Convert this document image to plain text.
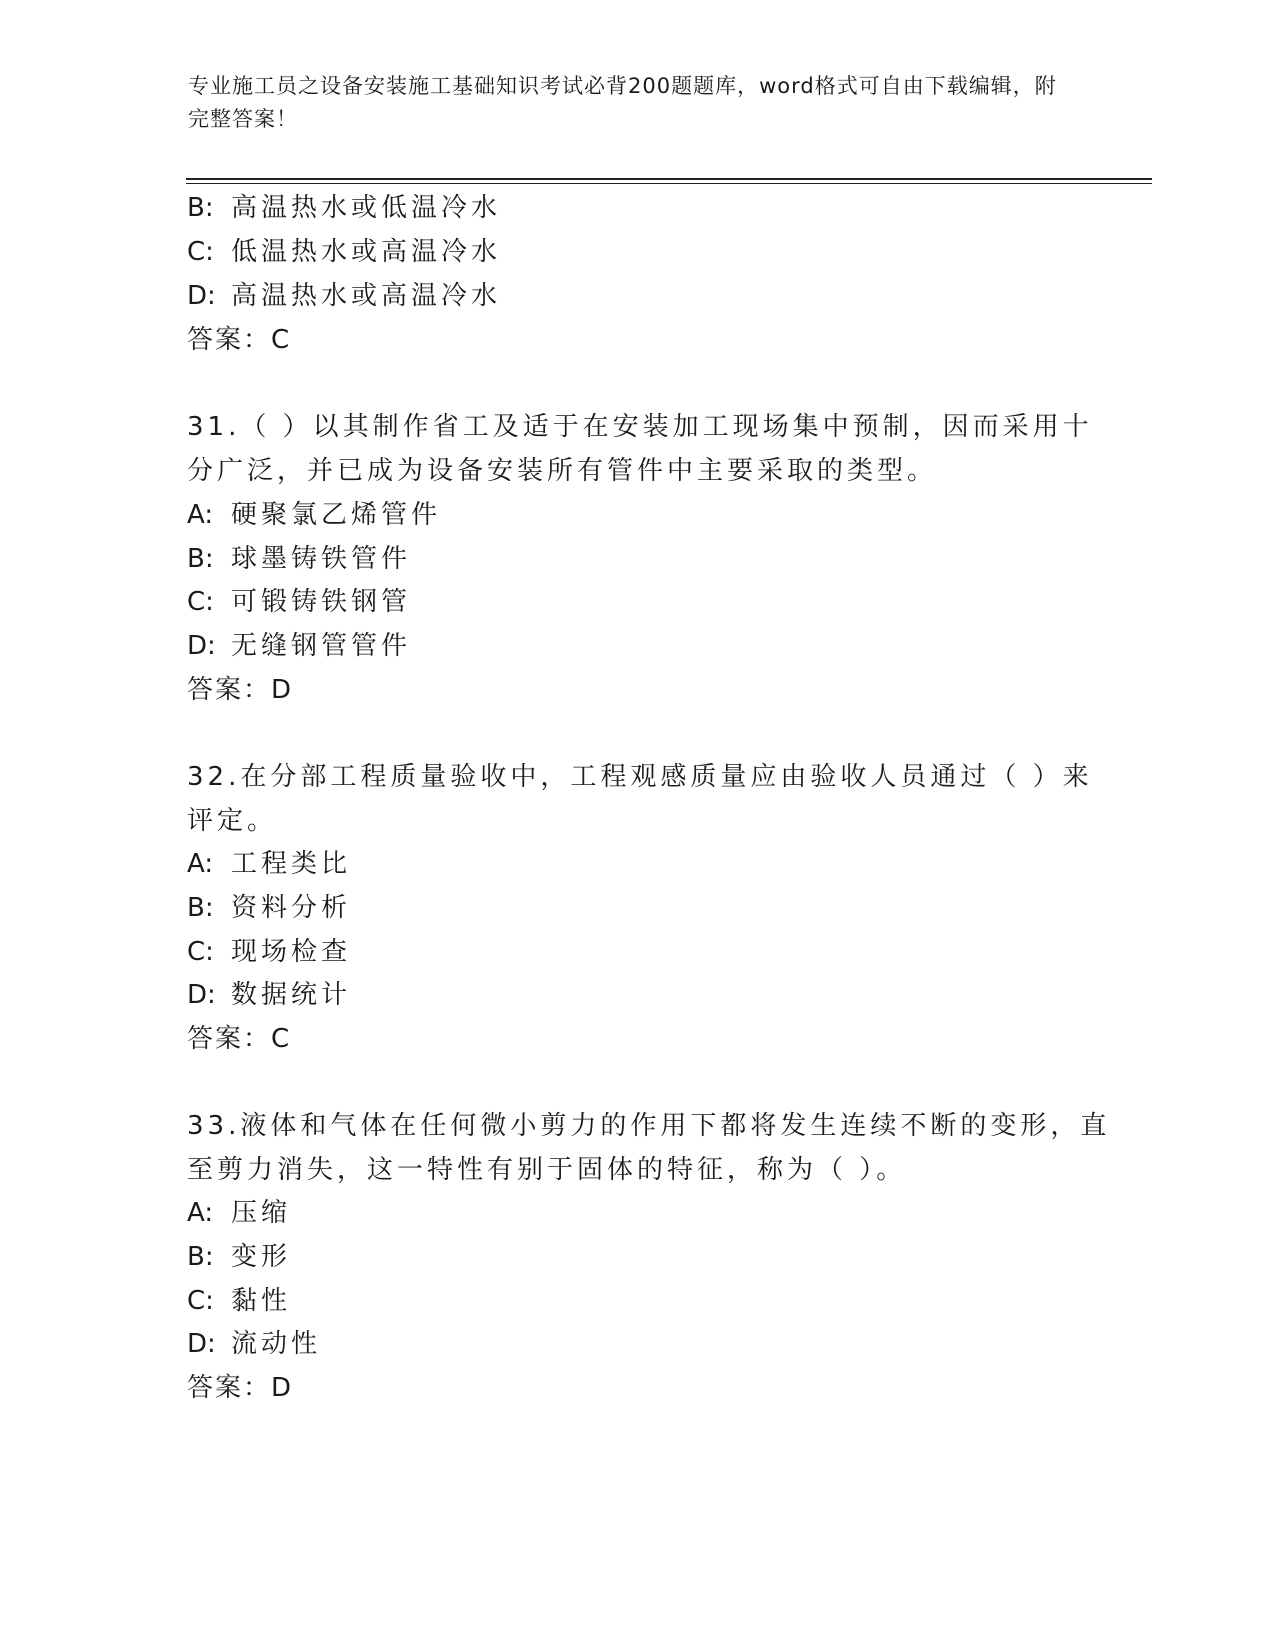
专业施工员之设备安装施工基础知识考试必背200题题库，word格式可自由下载编辑，附完整答案！
B: 高温热水或低温冷水
C: 低温热水或高温冷水
D: 高温热水或高温冷水
答案：C
31.（ ）以其制作省工及适于在安装加工现场集中预制，因而采用十
分广泛，并已成为设备安装所有管件中主要采取的类型。
A: 硬聚氯乙烯管件
B: 球墨铸铁管件
C: 可锻铸铁钢管
D: 无缝钢管管件
答案：D
32.在分部工程质量验收中，工程观感质量应由验收人员通过（ ）来
评定。
A: 工程类比
B: 资料分析
C: 现场检查
D: 数据统计
答案：C
33.液体和气体在任何微小剪力的作用下都将发生连续不断的变形，直
至剪力消失，这一特性有别于固体的特征，称为（ ）。
A: 压缩
B: 变形
C: 黏性
D: 流动性
答案：D
